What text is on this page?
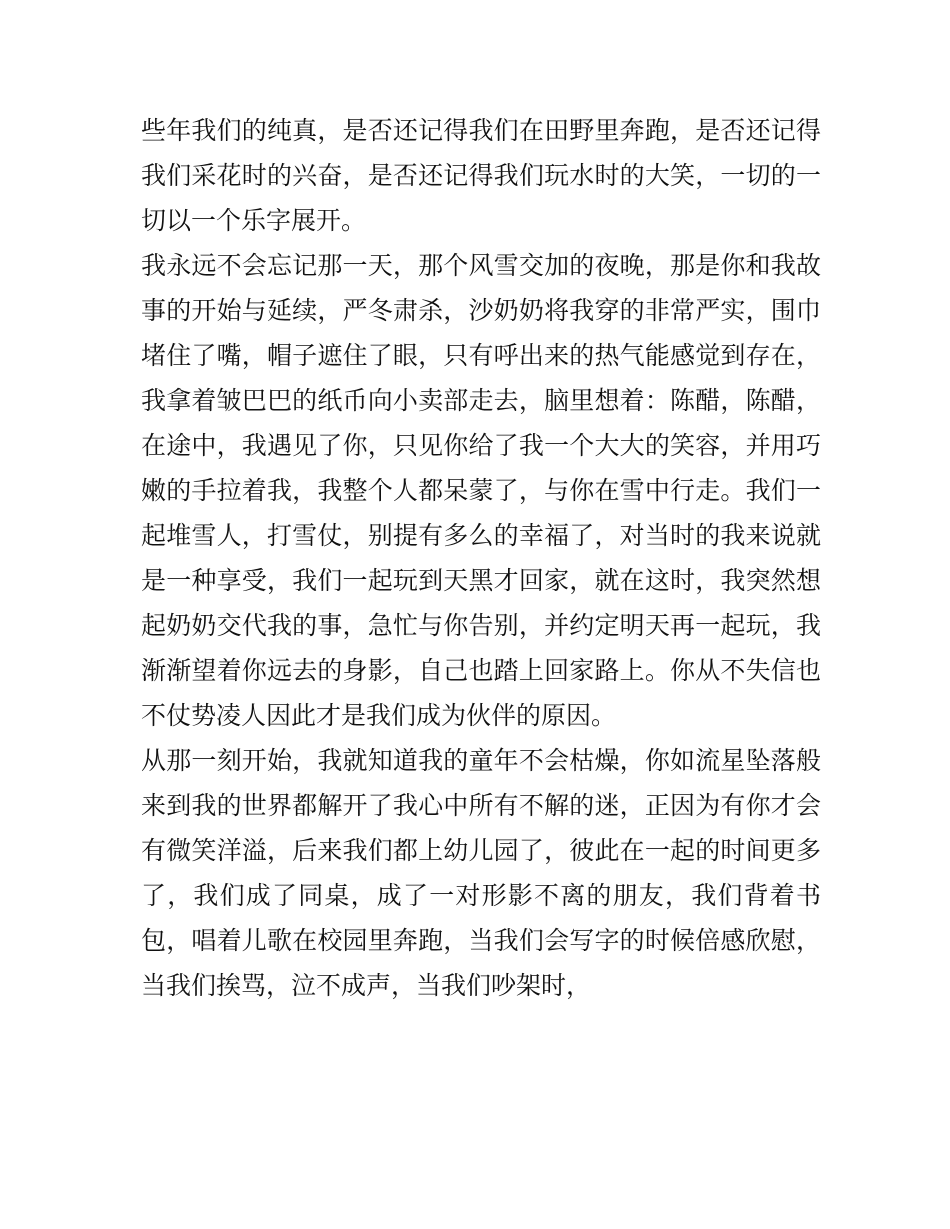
些年我们的纯真，是否还记得我们在田野里奔跑，是否还记得
我们采花时的兴奋，是否还记得我们玩水时的大笑，一切的一
切以一个乐字展开。
我永远不会忘记那一天，那个风雪交加的夜晚，那是你和我故
事的开始与延续，严冬肃杀，沙奶奶将我穿的非常严实，围巾
堵住了嘴，帽子遮住了眼，只有呼出来的热气能感觉到存在，
我拿着皱巴巴的纸币向小卖部走去，脑里想着：陈醋，陈醋，
在途中，我遇见了你，只见你给了我一个大大的笑容，并用巧
嫩的手拉着我，我整个人都呆蒙了，与你在雪中行走。我们一
起堆雪人，打雪仗，别提有多么的幸福了，对当时的我来说就
是一种享受，我们一起玩到天黑才回家，就在这时，我突然想
起奶奶交代我的事，急忙与你告别，并约定明天再一起玩，我
渐渐望着你远去的身影，自己也踏上回家路上。你从不失信也
不仗势凌人因此才是我们成为伙伴的原因。
从那一刻开始，我就知道我的童年不会枯燥，你如流星坠落般
来到我的世界都解开了我心中所有不解的迷，正因为有你才会
有微笑洋溢，后来我们都上幼儿园了，彼此在一起的时间更多
了，我们成了同桌，成了一对形影不离的朋友，我们背着书
包，唱着儿歌在校园里奔跑，当我们会写字的时候倍感欣慰，
当我们挨骂，泣不成声，当我们吵架时，
